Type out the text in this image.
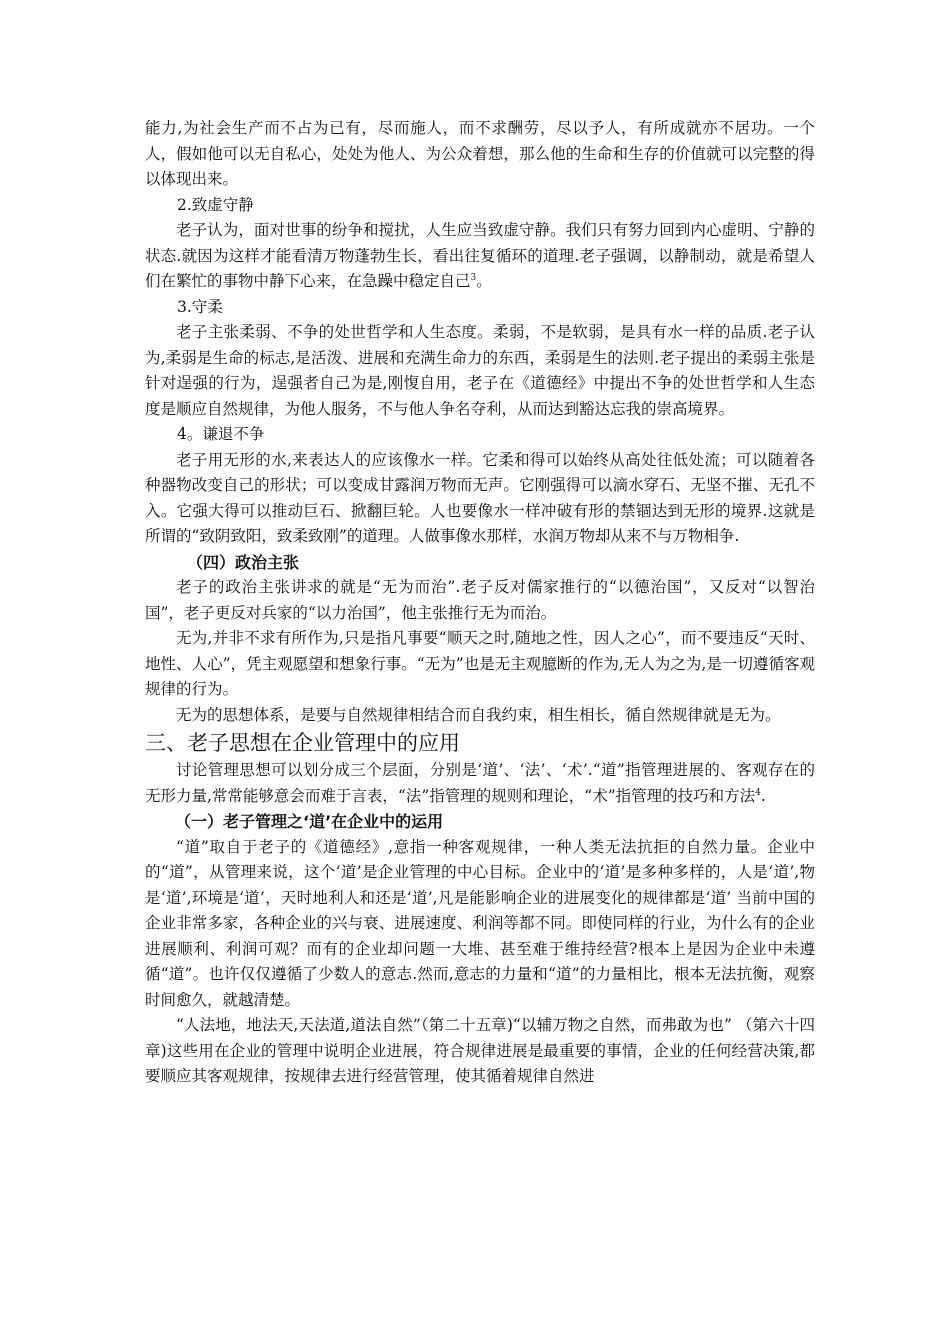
能力,为社会生产而不占为已有，尽而施人，而不求酬劳，尽以予人，有所成就亦不居功。一个人，假如他可以无自私心，处处为他人、为公众着想，那么他的生命和生存的价值就可以完整的得以体现出来。

2.致虚守静

老子认为，面对世事的纷争和搅扰，人生应当致虚守静。我们只有努力回到内心虚明、宁静的状态.就因为这样才能看清万物蓬勃生长，看出往复循环的道理.老子强调，以静制动，就是希望人们在繁忙的事物中静下心来，在急躁中稳定自己$^3$。

3.守柔

老子主张柔弱、不争的处世哲学和人生态度。柔弱，不是软弱，是具有水一样的品质.老子认为,柔弱是生命的标志,是活泼、进展和充满生命力的东西，柔弱是生的法则.老子提出的柔弱主张是针对逞强的行为，逞强者自己为是,刚愎自用，老子在《道德经》中提出不争的处世哲学和人生态度是顺应自然规律，为他人服务，不与他人争名夺利，从而达到豁达忘我的崇高境界。

4。谦退不争

老子用无形的水,来表达人的应该像水一样。它柔和得可以始终从高处往低处流；可以随着各种器物改变自己的形状；可以变成甘露润万物而无声。它刚强得可以滴水穿石、无坚不摧、无孔不入。它强大得可以推动巨石、掀翻巨轮。人也要像水一样冲破有形的禁锢达到无形的境界.这就是所谓的“致阴致阳，致柔致刚”的道理。人做事像水那样，水润万物却从来不与万物相争.

（四）政治主张

老子的政治主张讲求的就是“无为而治”.老子反对儒家推行的“以德治国”，又反对“以智治国”，老子更反对兵家的“以力治国”，他主张推行无为而治。

无为,并非不求有所作为,只是指凡事要“顺天之时,随地之性，因人之心”，而不要违反“天时、地性、人心”，凭主观愿望和想象行事。“无为”也是无主观臆断的作为,无人为之为,是一切遵循客观规律的行为。

无为的思想体系，是要与自然规律相结合而自我约束，相生相长，循自然规律就是无为。

三、老子思想在企业管理中的应用

讨论管理思想可以划分成三个层面，分别是‘道’、‘法’、‘术’.“道”指管理进展的、客观存在的无形力量,常常能够意会而难于言表，“法”指管理的规则和理论，“术”指管理的技巧和方法$^4$.

（一）老子管理之‘道’在企业中的运用

“道”取自于老子的《道德经》,意指一种客观规律，一种人类无法抗拒的自然力量。企业中的“道”，从管理来说，这个‘道’是企业管理的中心目标。企业中的‘道’是多种多样的，人是‘道’,物是‘道’,环境是‘道’，天时地利人和还是‘道’,凡是能影响企业的进展变化的规律都是‘道’ 当前中国的企业非常多家，各种企业的兴与衰、进展速度、利润等都不同。即使同样的行业，为什么有的企业进展顺利、利润可观？而有的企业却问题一大堆、甚至难于维持经营?根本上是因为企业中未遵循“道”。也许仅仅遵循了少数人的意志.然而,意志的力量和“道”的力量相比，根本无法抗衡，观察时间愈久，就越清楚。

“人法地，地法天,天法道,道法自然”（第二十五章)“以辅万物之自然，而弗敢为也” （第六十四章)这些用在企业的管理中说明企业进展，符合规律进展是最重要的事情，企业的任何经营决策,都要顺应其客观规律，按规律去进行经营管理，使其循着规律自然进
